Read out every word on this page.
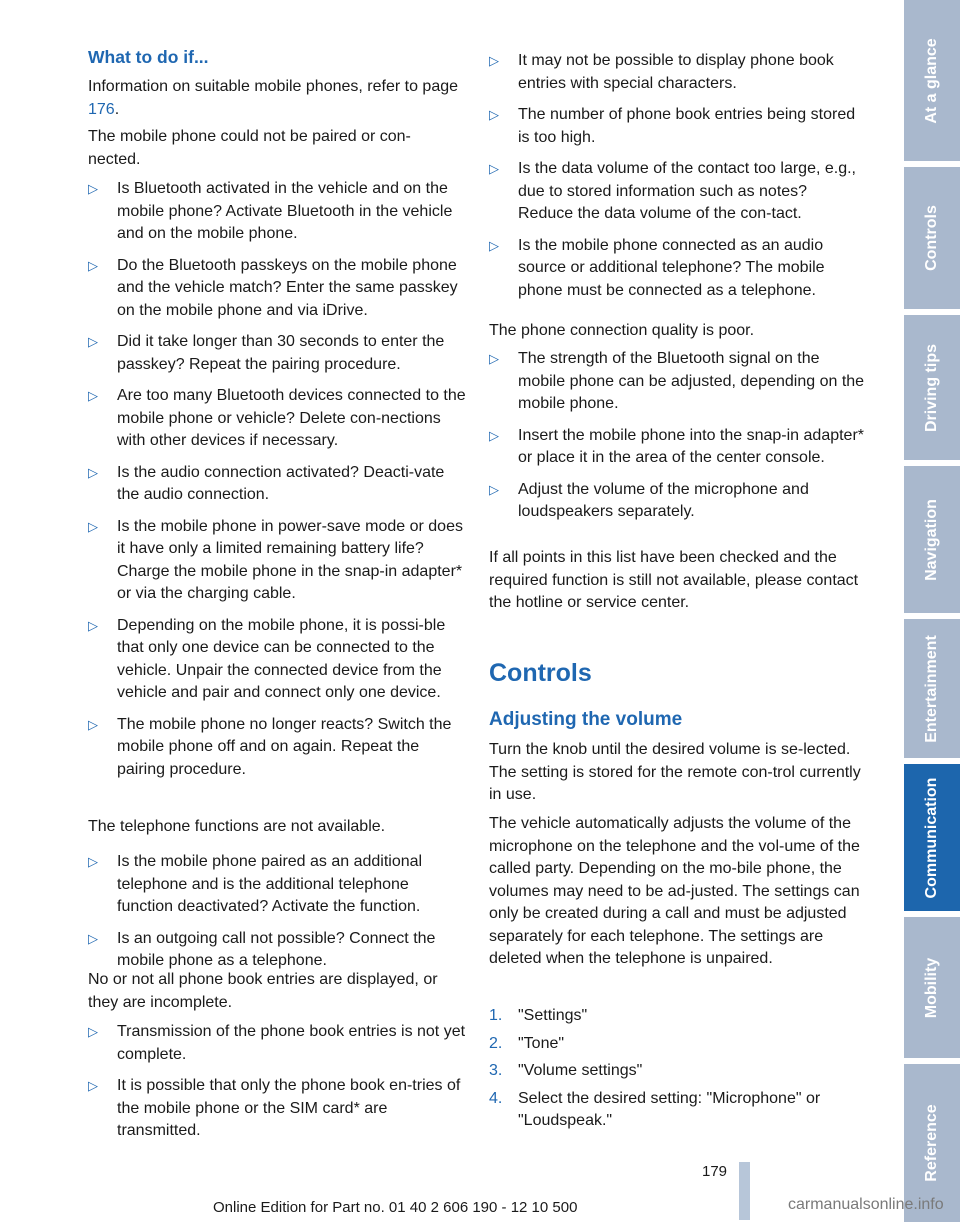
What to do if...

Information on suitable mobile phones, refer to page 176.

The mobile phone could not be paired or con-nected.

▷ Is Bluetooth activated in the vehicle and on the mobile phone? Activate Bluetooth in the vehicle and on the mobile phone.
▷ Do the Bluetooth passkeys on the mobile phone and the vehicle match? Enter the same passkey on the mobile phone and via iDrive.
▷ Did it take longer than 30 seconds to enter the passkey? Repeat the pairing procedure.
▷ Are too many Bluetooth devices connected to the mobile phone or vehicle? Delete con-nections with other devices if necessary.
▷ Is the audio connection activated? Deacti-vate the audio connection.
▷ Is the mobile phone in power-save mode or does it have only a limited remaining battery life? Charge the mobile phone in the snap-in adapter* or via the charging cable.
▷ Depending on the mobile phone, it is possi-ble that only one device can be connected to the vehicle. Unpair the connected device from the vehicle and pair and connect only one device.
▷ The mobile phone no longer reacts? Switch the mobile phone off and on again. Repeat the pairing procedure.

The telephone functions are not available.

▷ Is the mobile phone paired as an additional telephone and is the additional telephone function deactivated? Activate the function.
▷ Is an outgoing call not possible? Connect the mobile phone as a telephone.

No or not all phone book entries are displayed, or they are incomplete.

▷ Transmission of the phone book entries is not yet complete.
▷ It is possible that only the phone book en-tries of the mobile phone or the SIM card* are transmitted.
▷ It may not be possible to display phone book entries with special characters.
▷ The number of phone book entries being stored is too high.
▷ Is the data volume of the contact too large, e.g., due to stored information such as notes? Reduce the data volume of the con-tact.
▷ Is the mobile phone connected as an audio source or additional telephone? The mobile phone must be connected as a telephone.

The phone connection quality is poor.

▷ The strength of the Bluetooth signal on the mobile phone can be adjusted, depending on the mobile phone.
▷ Insert the mobile phone into the snap-in adapter* or place it in the area of the center console.
▷ Adjust the volume of the microphone and loudspeakers separately.

If all points in this list have been checked and the required function is still not available, please contact the hotline or service center.

Controls
Adjusting the volume

Turn the knob until the desired volume is se-lected. The setting is stored for the remote con-trol currently in use.

The vehicle automatically adjusts the volume of the microphone on the telephone and the vol-ume of the called party. Depending on the mo-bile phone, the volumes may need to be ad-justed. The settings can only be created during a call and must be adjusted separately for each telephone. The settings are deleted when the telephone is unpaired.

1. "Settings"
2. "Tone"
3. "Volume settings"
4. Select the desired setting: "Microphone" or "Loudspeak."
At a glance
Controls
Driving tips
Navigation
Entertainment
Communication
Mobility
Reference
179
Online Edition for Part no. 01 40 2 606 190 - 12 10 500	carmanualsonline.info
